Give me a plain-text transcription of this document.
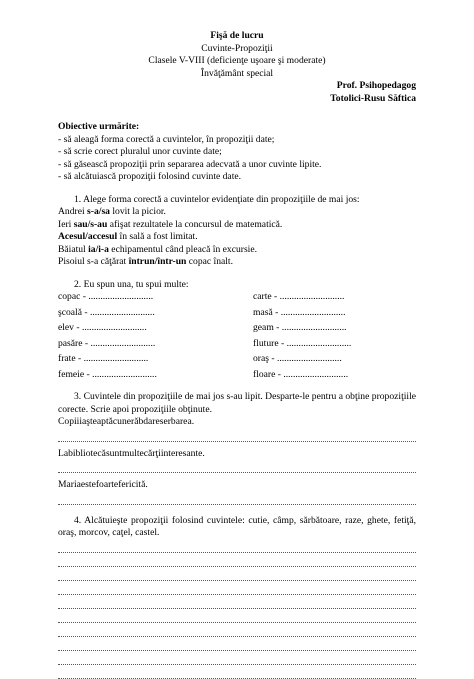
Fişă de lucru
Cuvinte-Propoziţii
Clasele V-VIII (deficienţe uşoare şi moderate)
Învăţământ special
Prof. Psihopedagog
Totolici-Rusu Săftica
Obiective urmărite:
- să aleagă forma corectă a cuvintelor, în propoziţii date;
- să scrie corect pluralul unor cuvinte date;
- să găsească propoziţii prin separarea adecvată a unor cuvinte lipite.
- să alcătuiască propoziţii folosind cuvinte date.
1. Alege forma corectă a cuvintelor evidenţiate din propoziţiile de mai jos:
Andrei s-a/sa lovit la picior.
Ieri sau/s-au afişat rezultatele la concursul de matematică.
Acesul/accesul în sală a fost limitat.
Băiatul ia/i-a echipamentul când pleacă în excursie.
Pisoiul s-a căţărat întrun/într-un copac înalt.
2. Eu spun una, tu spui multe:
copac - ...........................	carte - ...........................
şcoală - ...........................	masă - ...........................
elev - ...........................	geam - ...........................
pasăre - ...........................	fluture - ...........................
frate - ...........................	oraş - ...........................
femeie - ...........................	floare - ...........................
3. Cuvintele din propoziţiile de mai jos s-au lipit. Desparte-le pentru a obţine propoziţiile corecte. Scrie apoi propoziţiile obţinute.
Copiiiaşteaptăcunerăbdareserbarea.
Labibliotecăsuntmultecărţiinteresante.
Mariaestefoartefericită.
4. Alcătuieşte propoziţii folosind cuvintele: cutie, câmp, sărbătoare, raze, ghete, fetiţă, oraş, morcov, caţel, castel.
